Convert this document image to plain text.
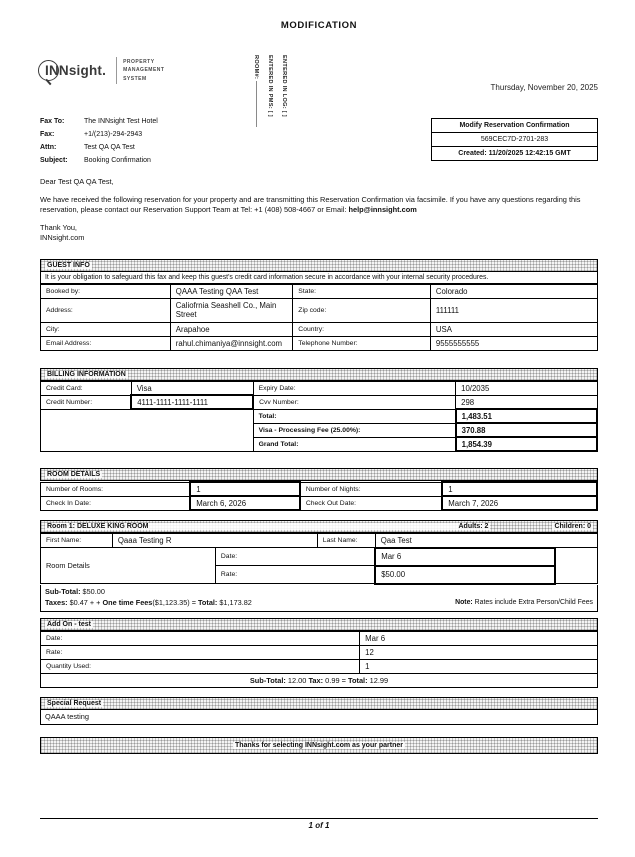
MODIFICATION
INNsight.
PROPERTY
MANAGEMENT
SYSTEM	ROOM#: ENTERED IN PMS: [ ] ENTERED IN LOG: [ ]	Thursday, November 20, 2025
Fax To:	The INNsight Test Hotel
Fax:	+1/(213)-294-2943
Attn:	Test QA QA Test
Subject:	Booking Confirmation
Modify Reservation Confirmation
569CEC7D-2701-283
Created: 11/20/2025 12:42:15 GMT

Dear Test QA QA Test,

We have received the following reservation for your property and are transmitting this Reservation Confirmation via facsimile. If you have any questions regarding this reservation, please contact our Reservation Support Team at Tel: +1 (408) 508-4667 or Email: help@innsight.com

Thank You,

INNsight.com

GUEST INFO
It is your obligation to safeguard this fax and keep this guest's credit card information secure in accordance with your internal security procedures.
Booked by:	QAAA Testing QAA Test	State:	Colorado
Address:	Caliofrnia Seashell Co., Main Street	Zip code:	111111
City:	Arapahoe	Country:	USA
Email Address:	rahul.chimaniya@innsight.com	Telephone Number:	9555555555
BILLING INFORMATION
Credit Card:	Visa	Expiry Date:	10/2035
Credit Number:	4111-1111-1111-1111	Cvv Number:	298
		Total:	1,483.51
		Visa - Processing Fee (25.00%):	370.88
		Grand Total:	1,854.39
ROOM DETAILS
Number of Rooms:	1	Number of Nights:	1
Check In Date:	March 6, 2026	Check Out Date:	March 7, 2026
Room 1: DELUXE KING ROOM	Adults: 2	Children: 0
First Name:	Qaaa Testing R		Last Name:	Qaa Test	
Room Details		Date:		Mar 6	
		Rate:		$50.00	
Sub-Total: $50.00
Note: Rates include Extra Person/Child Fees
Taxes: $0.47 + + One time Fees($1,123.35) = Total: $1,173.82
Add On - test
Date:	Mar 6
Rate:	12
Quantity Used:	1
Sub-Total: 12.00 Tax: 0.99 = Total: 12.99	
Special Request
QAAA testing
Thanks for selecting INNsight.com as your partner
1 of 1
